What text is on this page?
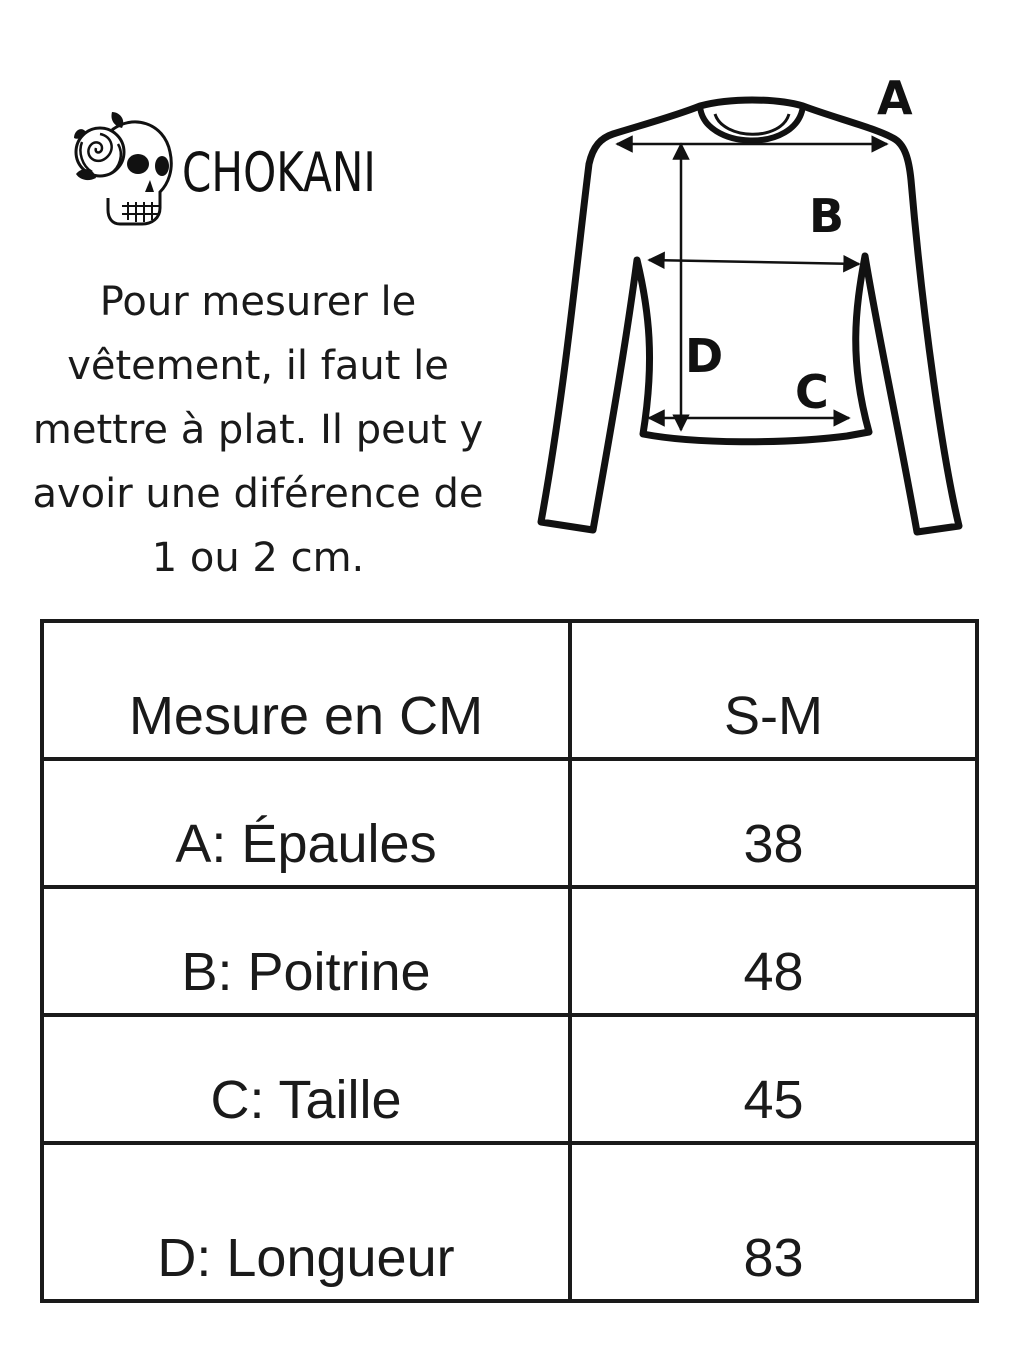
CHOKANI
Pour mesurer le
vêtement, il faut le
mettre à plat. Il peut y
avoir une diférence de
1 ou 2 cm.
A
B
C
D
Mesure en CM	S-M
A: Épaules	38
B: Poitrine	48
C: Taille	45
D: Longueur	83
